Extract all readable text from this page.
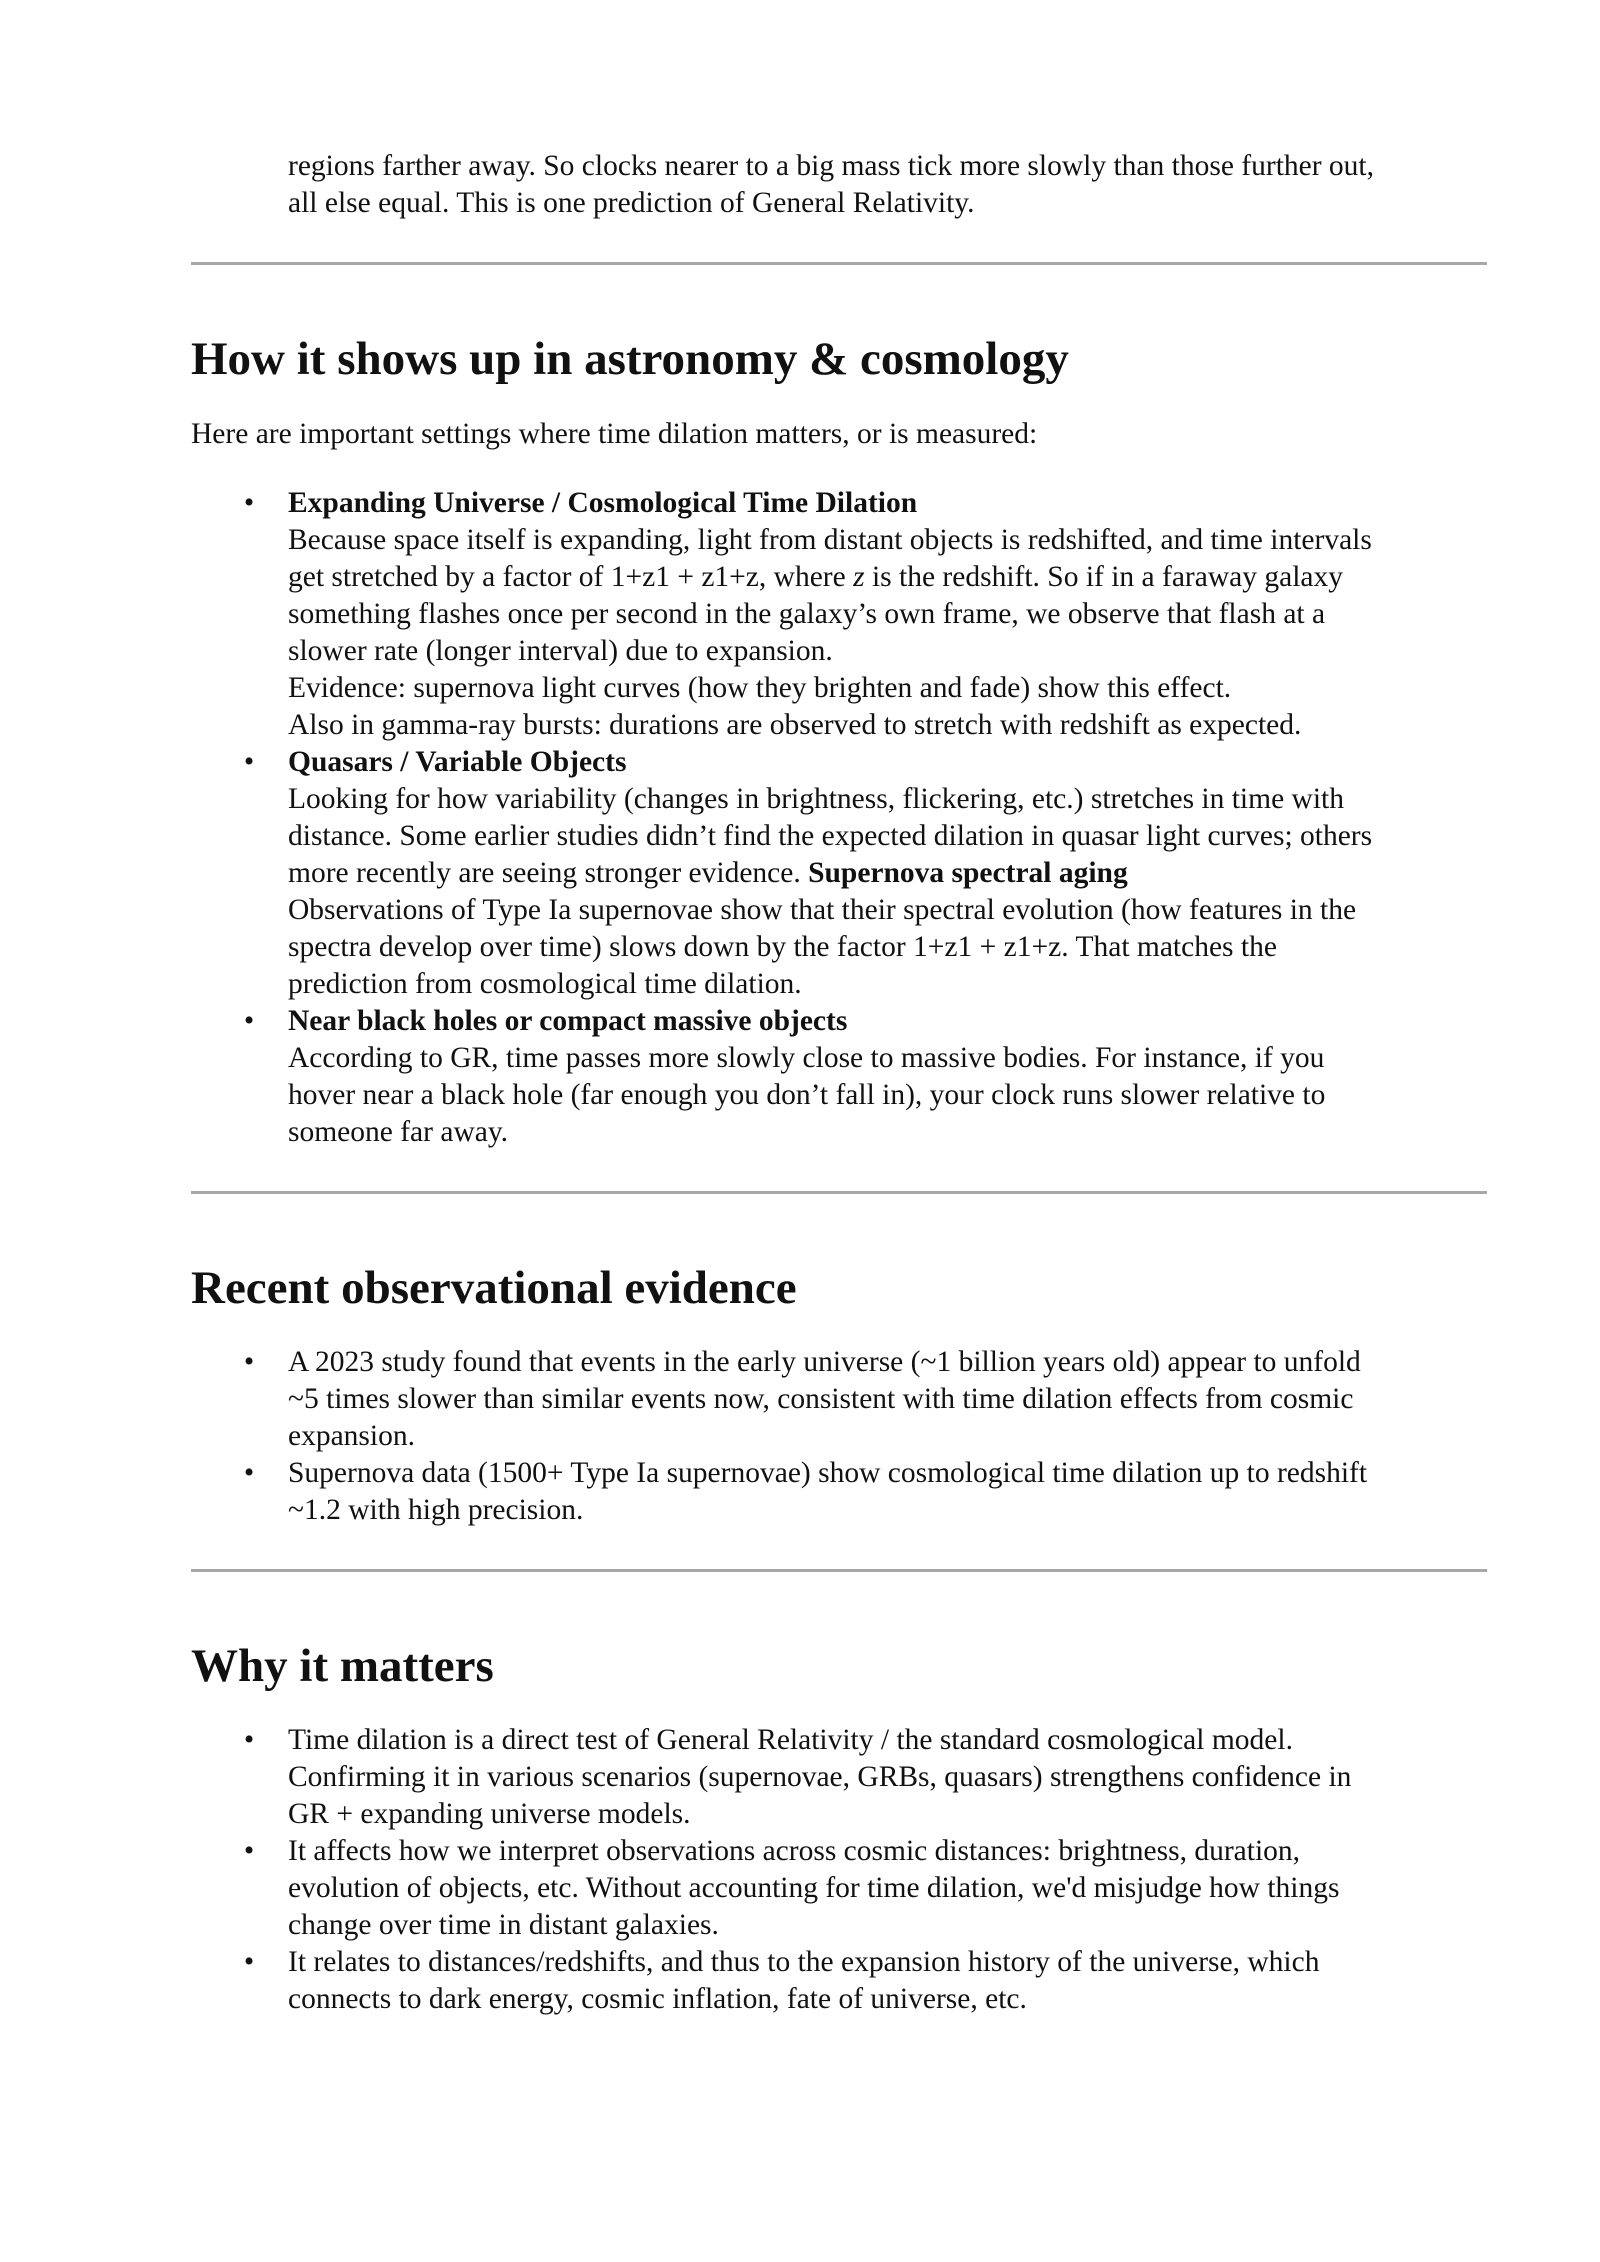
regions farther away. So clocks nearer to a big mass tick more slowly than those further out,
all else equal. This is one prediction of General Relativity.
How it shows up in astronomy & cosmology

Here are important settings where time dilation matters, or is measured:

• Expanding Universe / Cosmological Time Dilation
Because space itself is expanding, light from distant objects is redshifted, and time intervals
get stretched by a factor of 1+z1 + z1+z, where z is the redshift. So if in a faraway galaxy
something flashes once per second in the galaxy’s own frame, we observe that flash at a
slower rate (longer interval) due to expansion.
Evidence: supernova light curves (how they brighten and fade) show this effect.
Also in gamma-ray bursts: durations are observed to stretch with redshift as expected.
• Quasars / Variable Objects
Looking for how variability (changes in brightness, flickering, etc.) stretches in time with
distance. Some earlier studies didn’t find the expected dilation in quasar light curves; others
more recently are seeing stronger evidence. Supernova spectral aging
Observations of Type Ia supernovae show that their spectral evolution (how features in the
spectra develop over time) slows down by the factor 1+z1 + z1+z. That matches the
prediction from cosmological time dilation.
• Near black holes or compact massive objects
According to GR, time passes more slowly close to massive bodies. For instance, if you
hover near a black hole (far enough you don’t fall in), your clock runs slower relative to
someone far away.
Recent observational evidence
• A 2023 study found that events in the early universe (~1 billion years old) appear to unfold
~5 times slower than similar events now, consistent with time dilation effects from cosmic
expansion.
• Supernova data (1500+ Type Ia supernovae) show cosmological time dilation up to redshift
~1.2 with high precision.
Why it matters
• Time dilation is a direct test of General Relativity / the standard cosmological model.
Confirming it in various scenarios (supernovae, GRBs, quasars) strengthens confidence in
GR + expanding universe models.
• It affects how we interpret observations across cosmic distances: brightness, duration,
evolution of objects, etc. Without accounting for time dilation, we'd misjudge how things
change over time in distant galaxies.
• It relates to distances/redshifts, and thus to the expansion history of the universe, which
connects to dark energy, cosmic inflation, fate of universe, etc.
